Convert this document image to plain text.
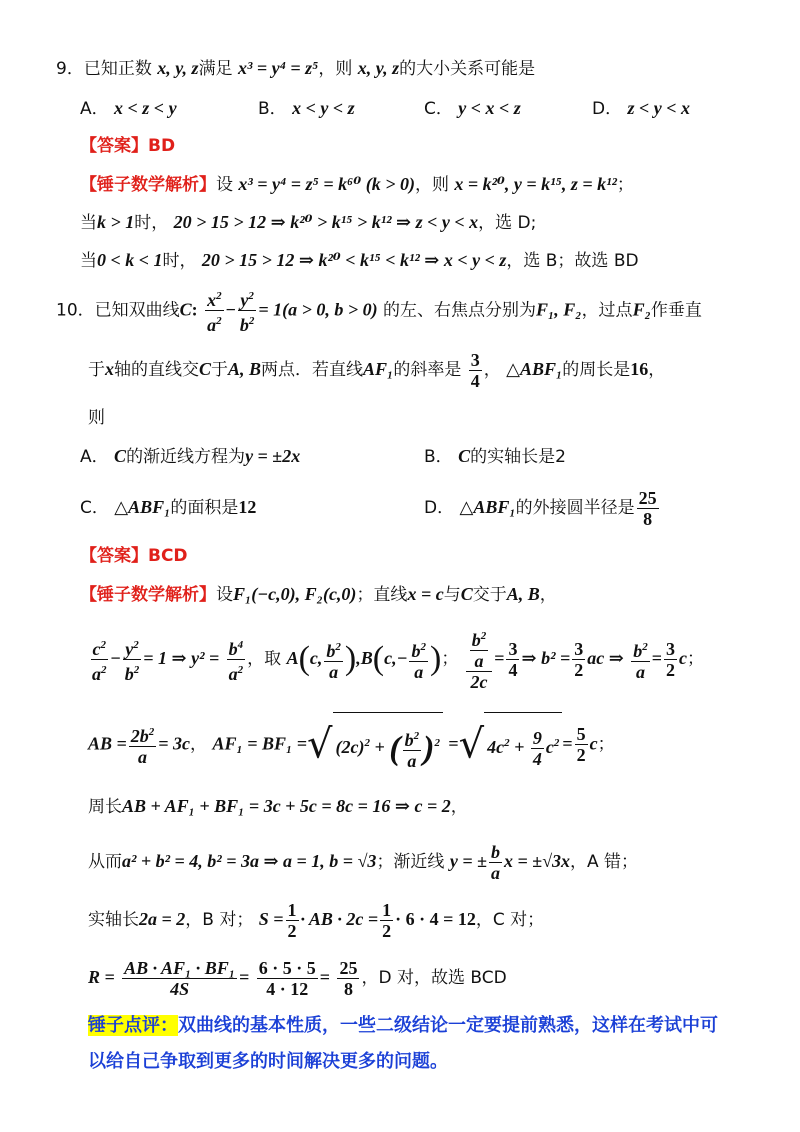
9．已知正数 x, y, z满足 x³ = y⁴ = z⁵，则 x, y, z的大小关系可能是
A． x < z < y	B． x < y < z	C． y < x < z	D． z < y < x
【答案】BD
【锤子数学解析】设 x³ = y⁴ = z⁵ = k⁶⁰ (k > 0)，则 x = k²⁰, y = k¹⁵, z = k¹²；
当k > 1时， 20 > 15 > 12 ⇒ k²⁰ > k¹⁵ > k¹² ⇒ z < y < x，选 D;
当0 < k < 1时， 20 > 15 > 12 ⇒ k²⁰ < k¹⁵ < k¹² ⇒ x < y < z，选 B；故选 BD
10．已知双曲线C: $\frac{x^2}{a^2} - \frac{y^2}{b^2} = 1(a > 0$, b > 0) 的左、右焦点分别为F₁, F₂，过点F₂作垂直
于x轴的直线交C于A, B两点．若直线AF₁的斜率是 $\frac{3}{4}$ ， △ABF₁的周长是16，
则
A． C的渐近线方程为y = ±2x	B． C的实轴长是2
C． △ABF₁的面积是12	D． △ABF₁的外接圆半径是 $\frac{25}{8}$
【答案】BCD
【锤子数学解析】设F₁(−c,0), F₂(c,0)；直线x = c与C交于A, B，
$\frac{c^2}{a^2} - \frac{y^2}{b^2} = 1$ ⇒ $y^2 = \frac{b^4}{a^2}$ ，取 A(c, $\frac{b^2}{a} ),B(c,- \frac{b^2}{a}$ )； $\frac{\frac{b^2}{a}}{2c} = \frac{3}{4}$ ⇒ $b^2 = \frac{3}{2}$ ac ⇒ $\frac{b^2}{a} = \frac{3}{2}$ c；
AB = $\frac{2b^2}{a} = 3c$， AF₁ = BF₁ =√ $(2c)^2$ + ( $\frac{b^2}{a} )^2$ =√ $4c^2 + \frac{9}{4} c^2 = \frac{5}{2}$ c；
周长AB + AF₁ + BF₁ = 3c + 5c = 8c = 16 ⇒ c = 2，
从而a² + b² = 4, b² = 3a ⇒ a = 1, b = √3；渐近线 y = ± $\frac{b}{a}$ x = ±√3x，A 错；
实轴长2a = 2，B 对； $S = \frac{1}{2}$ · AB · $2c = \frac{1}{2} \cdot 6 \cdot 4 = 12$，C 对；
$R = \frac{\text{AB · AF₁ · BF₁}}{4S} = \frac{6 \cdot 5 \cdot 5}{4 \cdot 12} = \frac{25}{8}$ ，D 对，故选 BCD
锤子点评：双曲线的基本性质，一些二级结论一定要提前熟悉，这样在考试中可
以给自己争取到更多的时间解决更多的问题。
